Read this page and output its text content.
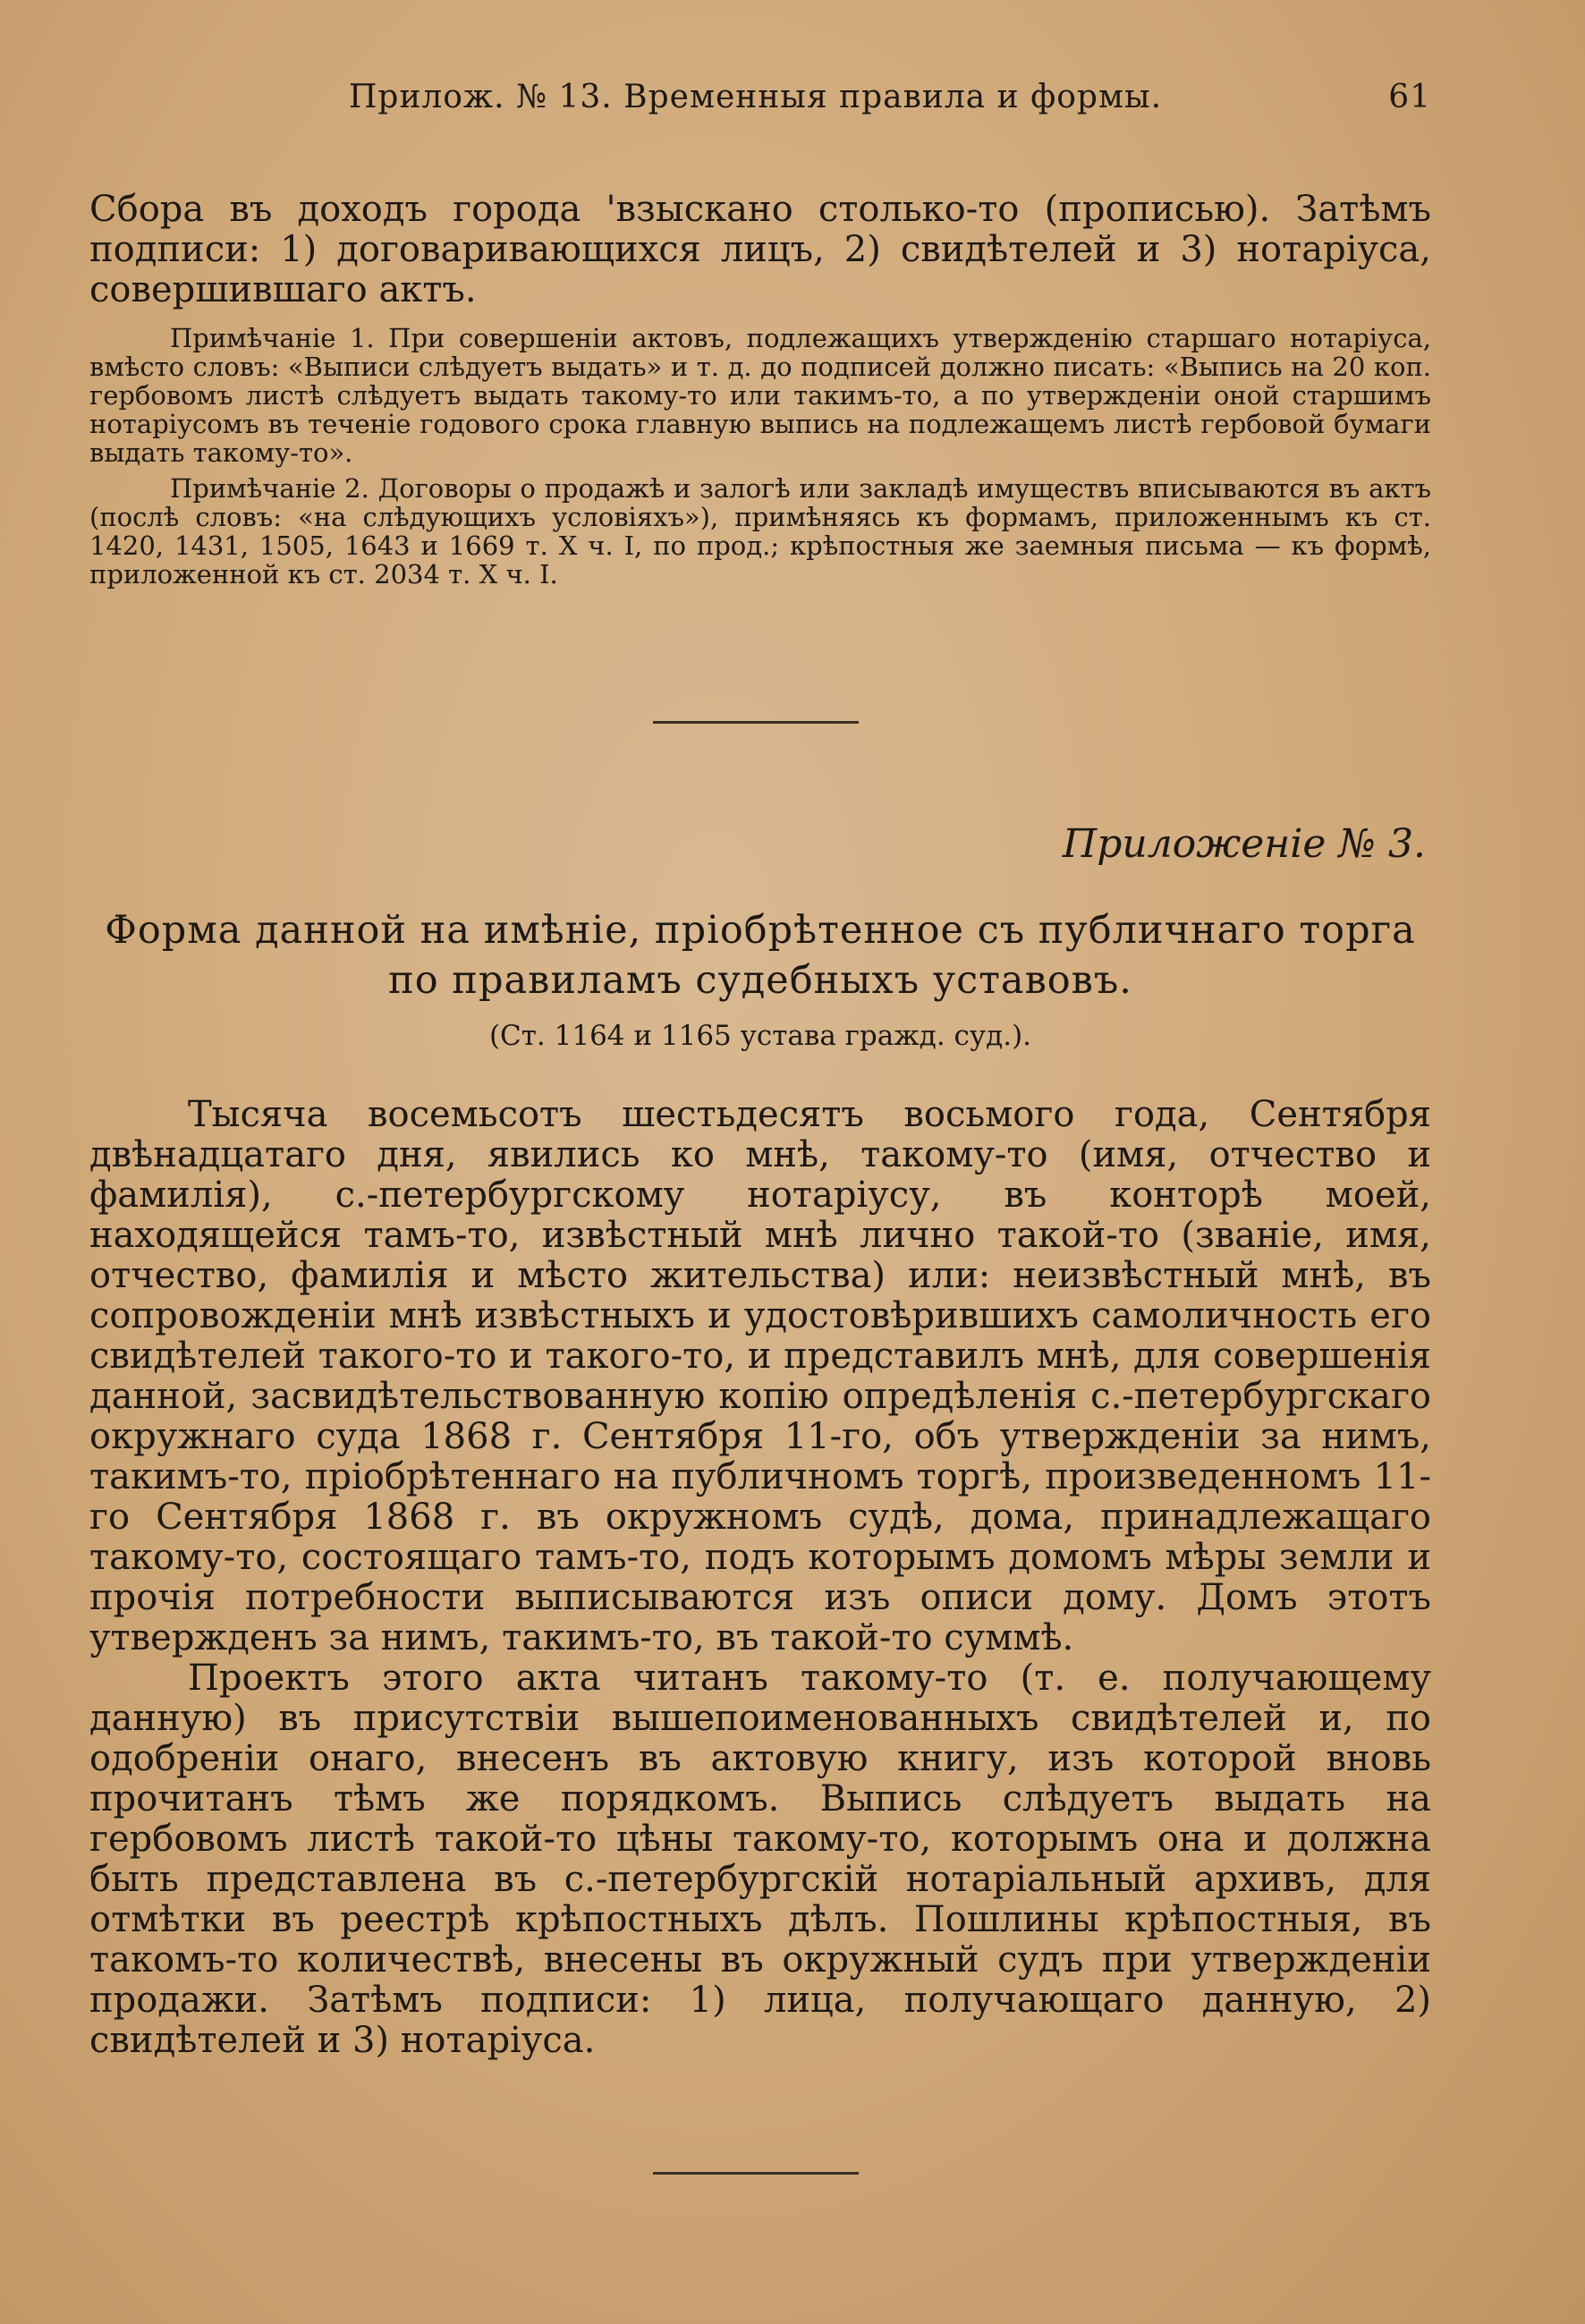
Прилож. № 13. Временныя правила и формы.	61

Сбора въ доходъ города 'взыскано столько-то (прописью). Затѣмъ подписи: 1) договаривающихся лицъ, 2) свидѣтелей и 3) нотаріуса, совершившаго актъ.

Примѣчаніе 1. При совершеніи актовъ, подлежащихъ утвержденію старшаго нотаріуса, вмѣсто словъ: «Выписи слѣдуетъ выдать» и т. д. до подписей должно писать: «Выпись на 20 коп. гербовомъ листѣ слѣдуетъ выдать такому-то или такимъ-то, а по утвержденіи оной старшимъ нотаріусомъ въ теченіе годового срока главную выпись на подлежащемъ листѣ гербовой бумаги выдать такому-то».

Примѣчаніе 2. Договоры о продажѣ и залогѣ или закладѣ имуществъ вписываются въ актъ (послѣ словъ: «на слѣдующихъ условіяхъ»), примѣняясь къ формамъ, приложеннымъ къ ст. 1420, 1431, 1505, 1643 и 1669 т. X ч. I, по прод.; крѣпостныя же заемныя письма — къ формѣ, приложенной къ ст. 2034 т. X ч. I.

Приложеніе № 3.
Форма данной на имѣніе, пріобрѣтенное съ публичнаго торга по правиламъ судебныхъ уставовъ.
(Ст. 1164 и 1165 устава гражд. суд.).

Тысяча восемьсотъ шестьдесятъ восьмого года, Сентября двѣнадцатаго дня, явились ко мнѣ, такому-то (имя, отчество и фамилія), с.-петербургскому нотаріусу, въ конторѣ моей, находящейся тамъ-то, извѣстный мнѣ лично такой-то (званіе, имя, отчество, фамилія и мѣсто жительства) или: неизвѣстный мнѣ, въ сопровожденіи мнѣ извѣстныхъ и удостовѣрившихъ самоличность его свидѣтелей такого-то и такого-то, и представилъ мнѣ, для совершенія данной, засвидѣтельствованную копію опредѣленія с.-петербургскаго окружнаго суда 1868 г. Сентября 11-го, объ утвержденіи за нимъ, такимъ-то, пріобрѣтеннаго на публичномъ торгѣ, произведенномъ 11-го Сентября 1868 г. въ окружномъ судѣ, дома, принадлежащаго такому-то, состоящаго тамъ-то, подъ которымъ домомъ мѣры земли и прочія потребности выписываются изъ описи дому. Домъ этотъ утвержденъ за нимъ, такимъ-то, въ такой-то суммѣ.

Проектъ этого акта читанъ такому-то (т. е. получающему данную) въ присутствіи вышепоименованныхъ свидѣтелей и, по одобреніи онаго, внесенъ въ актовую книгу, изъ которой вновь прочитанъ тѣмъ же порядкомъ. Выпись слѣдуетъ выдать на гербовомъ листѣ такой-то цѣны такому-то, которымъ она и должна быть представлена въ с.-петербургскій нотаріальный архивъ, для отмѣтки въ реестрѣ крѣпостныхъ дѣлъ. Пошлины крѣпостныя, въ такомъ-то количествѣ, внесены въ окружный судъ при утвержденіи продажи. Затѣмъ подписи: 1) лица, получающаго данную, 2) свидѣтелей и 3) нотаріуса.
